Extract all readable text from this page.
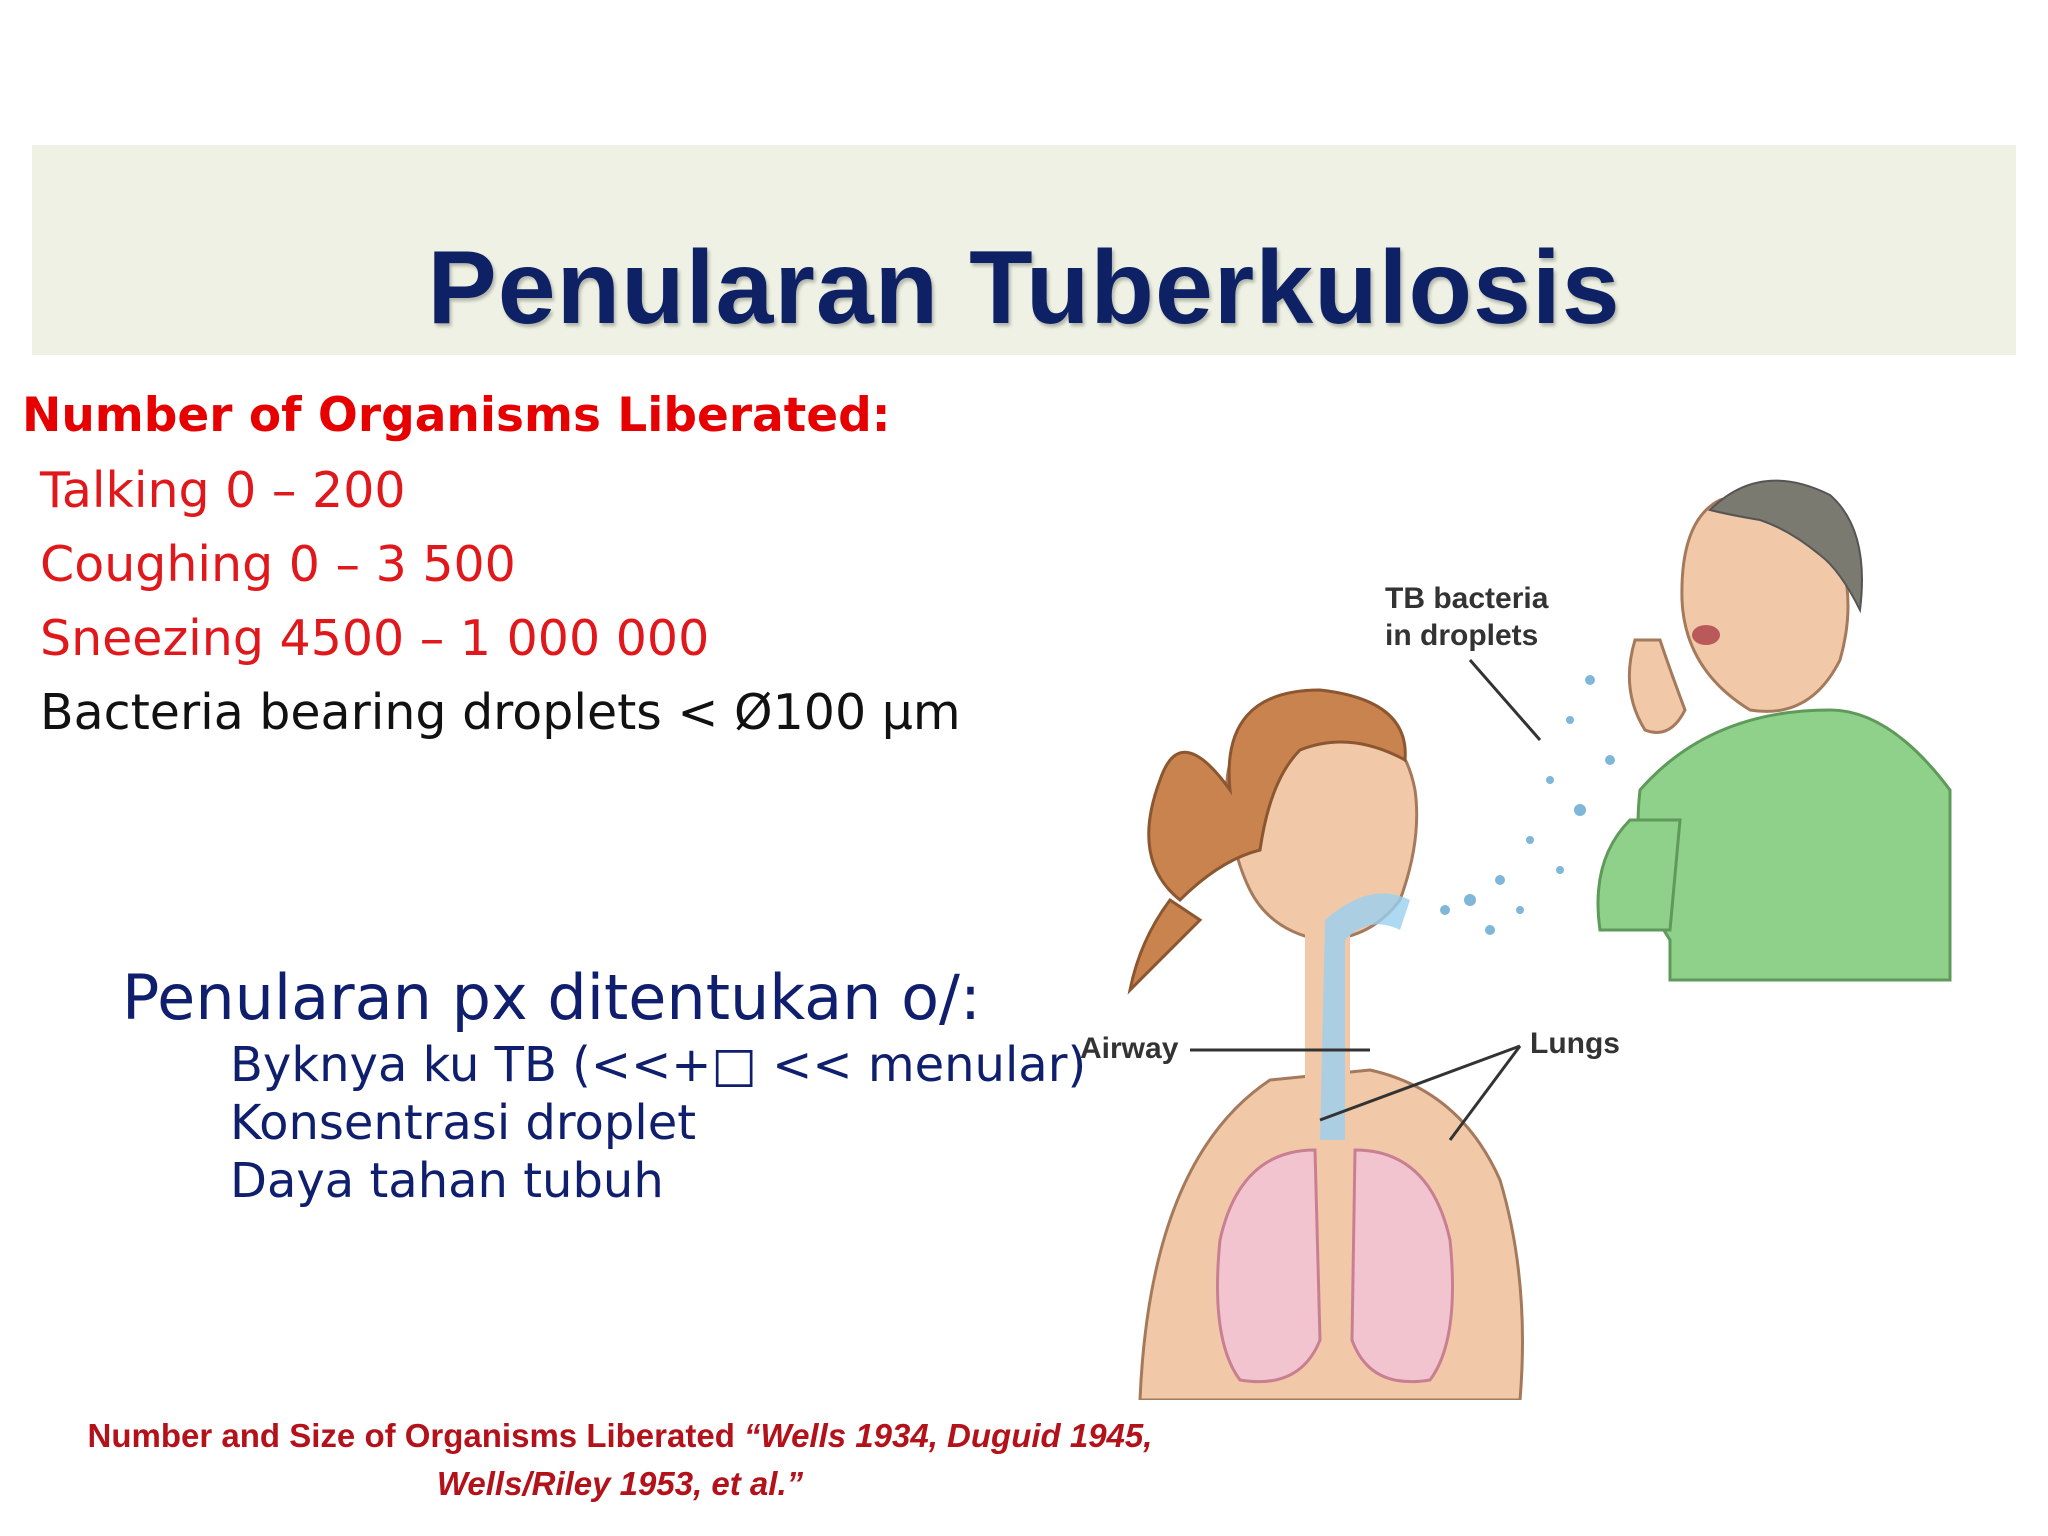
Penularan Tuberkulosis
Number of Organisms Liberated:
Talking 0 – 200
Coughing 0 – 3 500
Sneezing 4500 – 1 000 000
Bacteria bearing droplets < Ø100 µm
Penularan px ditentukan o/:
Byknya ku TB (<<+□ << menular)
Konsentrasi droplet
Daya tahan tubuh
TB bacteria
in droplets
Airway	Lungs
Number and Size of Organisms Liberated “Wells 1934, Duguid 1945,
Wells/Riley 1953, et al.”
